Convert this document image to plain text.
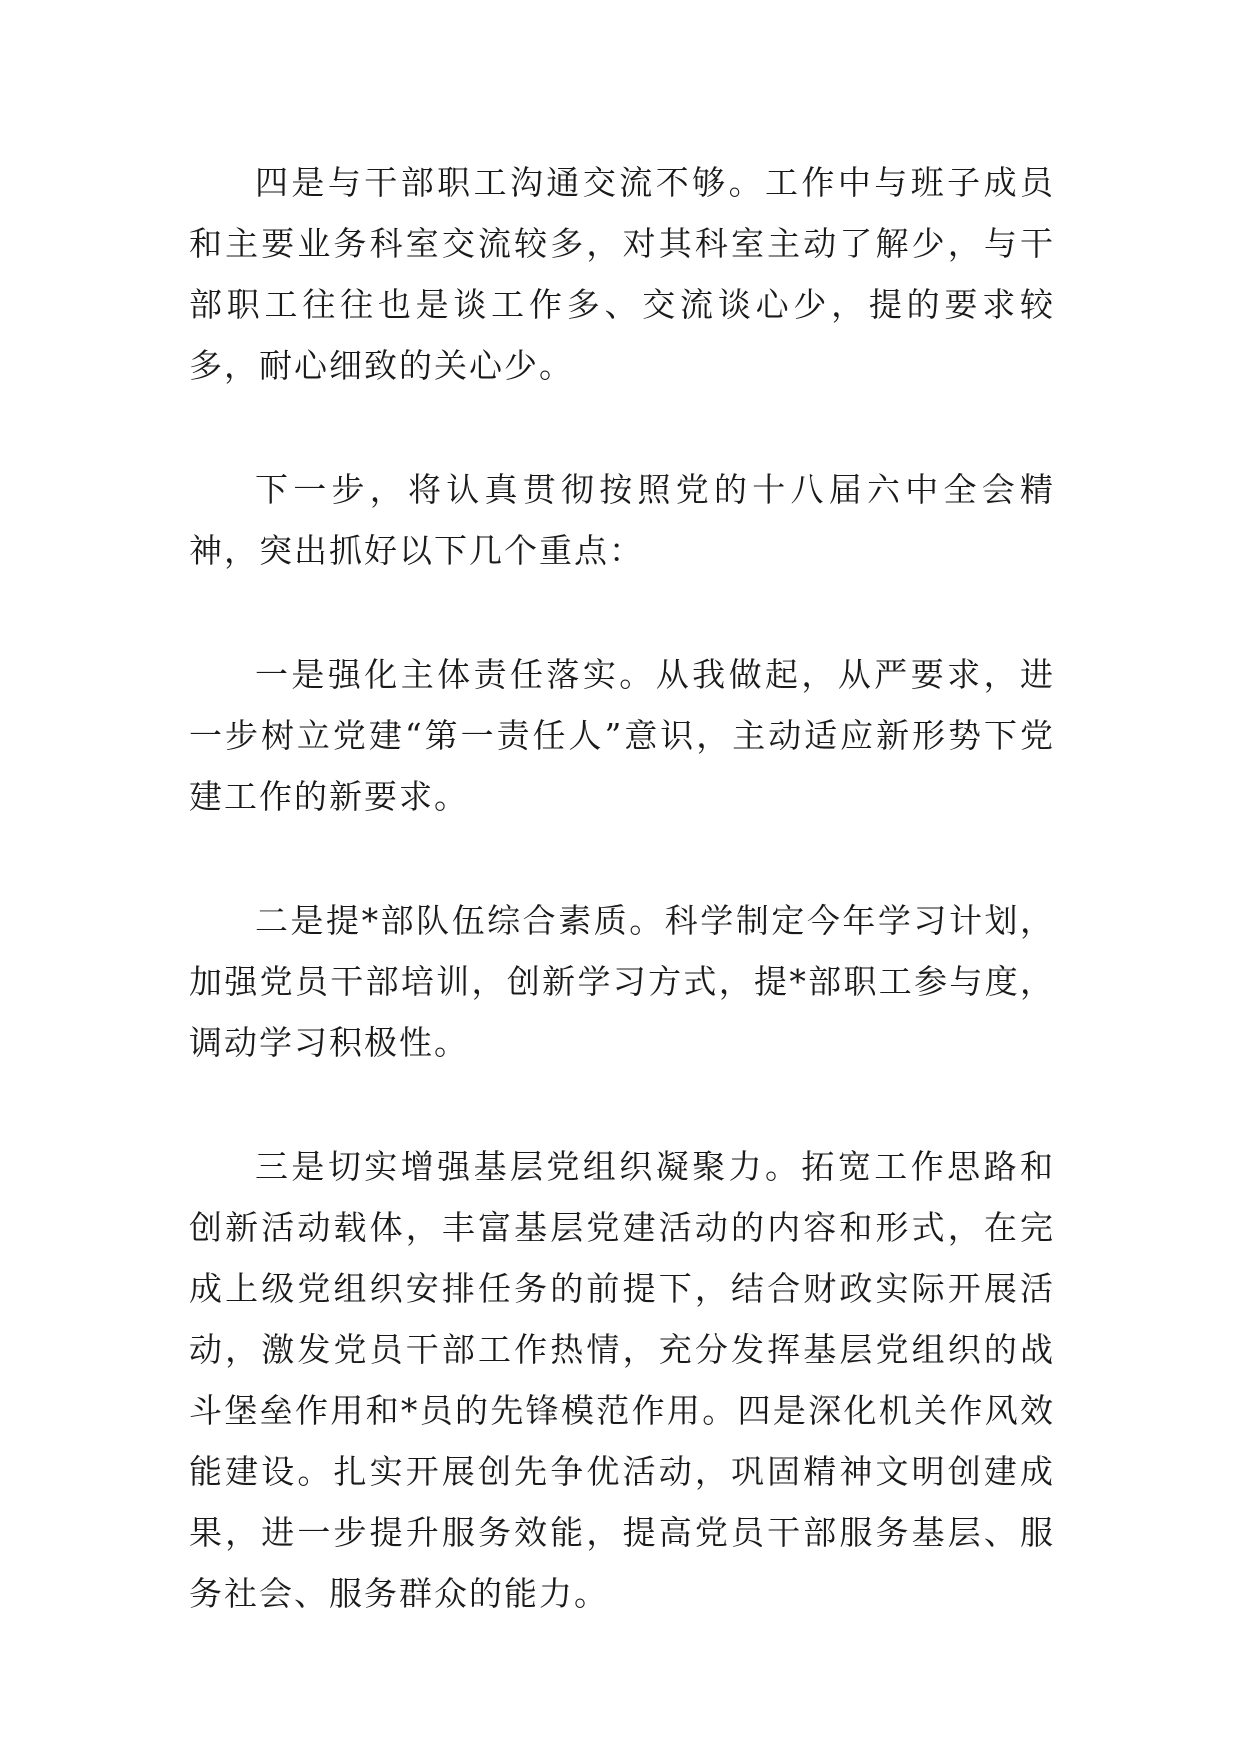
四是与干部职工沟通交流不够。工作中与班子成员和主要业务科室交流较多，对其科室主动了解少，与干部职工往往也是谈工作多、交流谈心少，提的要求较多，耐心细致的关心少。

下一步，将认真贯彻按照党的十八届六中全会精神，突出抓好以下几个重点：

一是强化主体责任落实。从我做起，从严要求，进一步树立党建“第一责任人”意识，主动适应新形势下党建工作的新要求。

二是提*部队伍综合素质。科学制定今年学习计划，加强党员干部培训，创新学习方式，提*部职工参与度，调动学习积极性。

三是切实增强基层党组织凝聚力。拓宽工作思路和创新活动载体，丰富基层党建活动的内容和形式，在完成上级党组织安排任务的前提下，结合财政实际开展活动，激发党员干部工作热情，充分发挥基层党组织的战斗堡垒作用和*员的先锋模范作用。四是深化机关作风效能建设。扎实开展创先争优活动，巩固精神文明创建成果，进一步提升服务效能，提高党员干部服务基层、服务社会、服务群众的能力。
